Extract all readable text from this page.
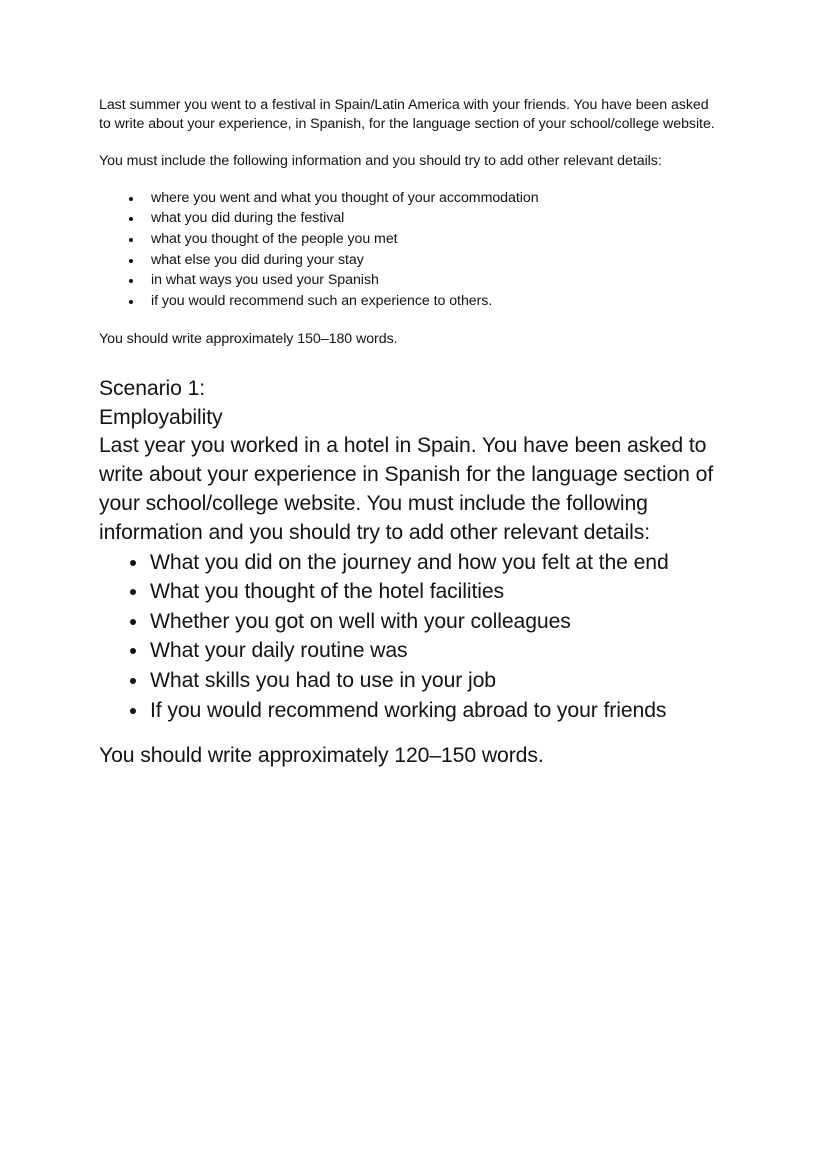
Last summer you went to a festival in Spain/Latin America with your friends. You have been asked to write about your experience, in Spanish, for the language section of your school/college website.

You must include the following information and you should try to add other relevant details:

where you went and what you thought of your accommodation
what you did during the festival
what you thought of the people you met
what else you did during your stay
in what ways you used your Spanish
if you would recommend such an experience to others.

You should write approximately 150–180 words.

Scenario 1:
Employability

Last year you worked in a hotel in Spain. You have been asked to write about your experience in Spanish for the language section of your school/college website. You must include the following information and you should try to add other relevant details:

What you did on the journey and how you felt at the end
What you thought of the hotel facilities
Whether you got on well with your colleagues
What your daily routine was
What skills you had to use in your job
If you would recommend working abroad to your friends

You should write approximately 120–150 words.
